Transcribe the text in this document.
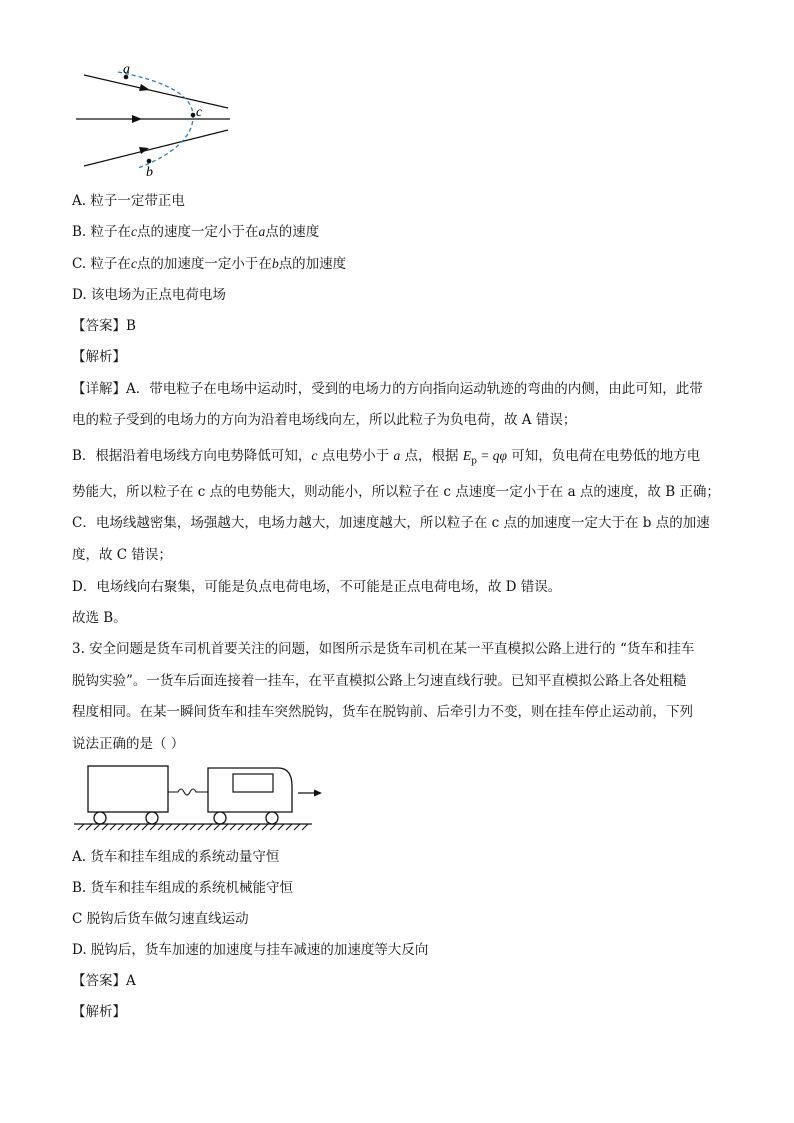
a
c
b
A. 粒子一定带正电
B. 粒子在c点的速度一定小于在a点的速度
C. 粒子在c点的加速度一定小于在b点的加速度
D. 该电场为正点电荷电场
【答案】B
【解析】
【详解】A．带电粒子在电场中运动时，受到的电场力的方向指向运动轨迹的弯曲的内侧，由此可知，此带
电的粒子受到的电场力的方向为沿着电场线向左，所以此粒子为负电荷，故 A 错误；
B．根据沿着电场线方向电势降低可知，c 点电势小于 a 点，根据 $E_p = q\varphi$ 可知，负电荷在电势低的地方电
势能大，所以粒子在 c 点的电势能大，则动能小，所以粒子在 c 点速度一定小于在 a 点的速度，故 B 正确；
C．电场线越密集，场强越大，电场力越大，加速度越大，所以粒子在 c 点的加速度一定大于在 b 点的加速
度，故 C 错误；
D．电场线向右聚集，可能是负点电荷电场，不可能是正点电荷电场，故 D 错误。
故选 B。
3. 安全问题是货车司机首要关注的问题，如图所示是货车司机在某一平直模拟公路上进行的 “货车和挂车
脱钩实验”。一货车后面连接着一挂车，在平直模拟公路上匀速直线行驶。已知平直模拟公路上各处粗糙
程度相同。在某一瞬间货车和挂车突然脱钩，货车在脱钩前、后牵引力不变，则在挂车停止运动前，下列
说法正确的是（ ）
A. 货车和挂车组成的系统动量守恒
B. 货车和挂车组成的系统机械能守恒
C 脱钩后货车做匀速直线运动
D. 脱钩后，货车加速的加速度与挂车减速的加速度等大反向
【答案】A
【解析】
